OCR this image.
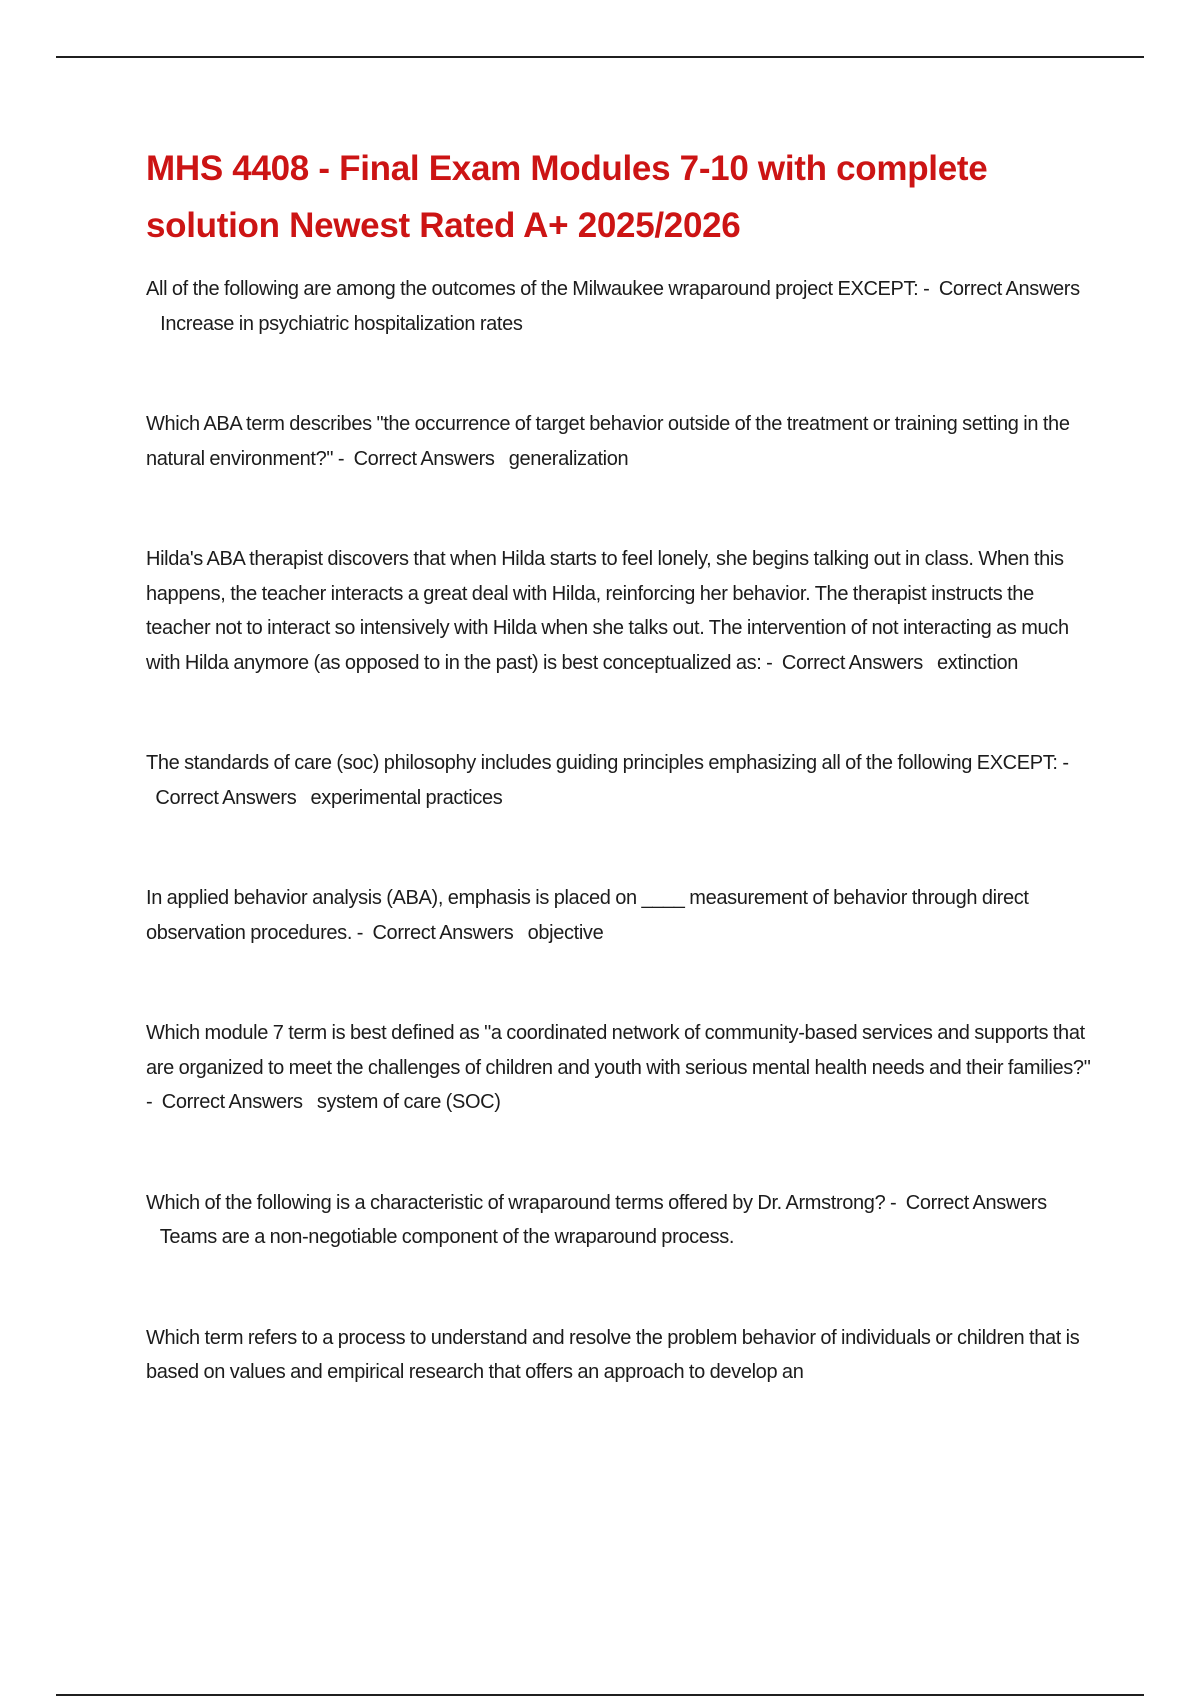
MHS 4408 - Final Exam Modules 7-10 with complete solution Newest Rated A+ 2025/2026

All of the following are among the outcomes of the Milwaukee wraparound project EXCEPT: - Correct Answers   Increase in psychiatric hospitalization rates

Which ABA term describes "the occurrence of target behavior outside of the treatment or training setting in the natural environment?" - Correct Answers generalization

Hilda's ABA therapist discovers that when Hilda starts to feel lonely, she begins talking out in class. When this happens, the teacher interacts a great deal with Hilda, reinforcing her behavior. The therapist instructs the teacher not to interact so intensively with Hilda when she talks out. The intervention of not interacting as much with Hilda anymore (as opposed to in the past) is best conceptualized as: - Correct Answers extinction

The standards of care (soc) philosophy includes guiding principles emphasizing all of the following EXCEPT: -  Correct Answers experimental practices

In applied behavior analysis (ABA), emphasis is placed on ____ measurement of behavior through direct observation procedures. - Correct Answers objective

Which module 7 term is best defined as "a coordinated network of community-based services and supports that are organized to meet the challenges of children and youth with serious mental health needs and their families?" - Correct Answers system of care (SOC)

Which of the following is a characteristic of wraparound terms offered by Dr. Armstrong? - Correct Answers   Teams are a non-negotiable component of the wraparound process.

Which term refers to a process to understand and resolve the problem behavior of individuals or children that is based on values and empirical research that offers an approach to develop an
